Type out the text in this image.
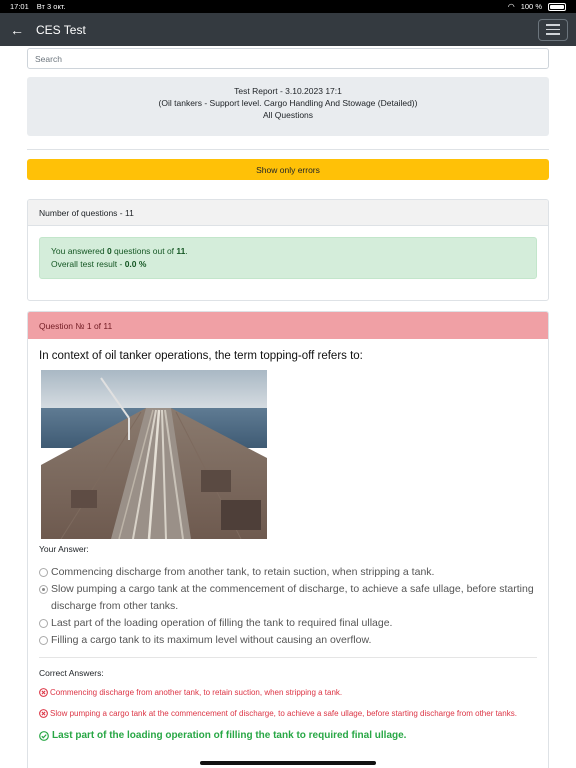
17:01 Вт 3 окт.	◠ 100 %
← CES Test
Search
Test Report - 3.10.2023 17:1
(Oil tankers - Support level. Cargo Handling And Stowage (Detailed))
All Questions
Show only errors
Number of questions - 11
You answered 0 questions out of 11.
Overall test result - 0.0 %
Question № 1 of 11
In context of oil tanker operations, the term topping-off refers to:
Your Answer:
Commencing discharge from another tank, to retain suction, when stripping a tank.
Slow pumping a cargo tank at the commencement of discharge, to achieve a safe ullage, before starting discharge from other tanks.
Last part of the loading operation of filling the tank to required final ullage.
Filling a cargo tank to its maximum level without causing an overflow.
Correct Answers:
Commencing discharge from another tank, to retain suction, when stripping a tank.
Slow pumping a cargo tank at the commencement of discharge, to achieve a safe ullage, before starting discharge from other tanks.
Last part of the loading operation of filling the tank to required final ullage.
